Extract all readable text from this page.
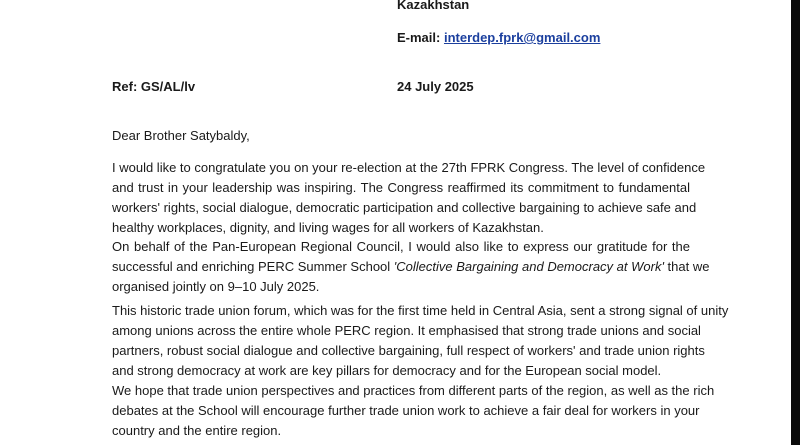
Kazakhstan
E-mail: interdep.fprk@gmail.com
Ref: GS/AL/lv	24 July 2025
Dear Brother Satybaldy,
I would like to congratulate you on your re-election at the 27th FPRK Congress. The level of confidence
and trust in your leadership was inspiring. The Congress reaffirmed its commitment to fundamental
workers' rights, social dialogue, democratic participation and collective bargaining to achieve safe and
healthy workplaces, dignity, and living wages for all workers of Kazakhstan.
On behalf of the Pan-European Regional Council, I would also like to express our gratitude for the
successful and enriching PERC Summer School 'Collective Bargaining and Democracy at Work' that we
organised jointly on 9–10 July 2025.
This historic trade union forum, which was for the first time held in Central Asia, sent a strong signal of unity
among unions across the entire whole PERC region. It emphasised that strong trade unions and social
partners, robust social dialogue and collective bargaining, full respect of workers' and trade union rights
and strong democracy at work are key pillars for democracy and for the European social model.
We hope that trade union perspectives and practices from different parts of the region, as well as the rich
debates at the School will encourage further trade union work to achieve a fair deal for workers in your
country and the entire region.
